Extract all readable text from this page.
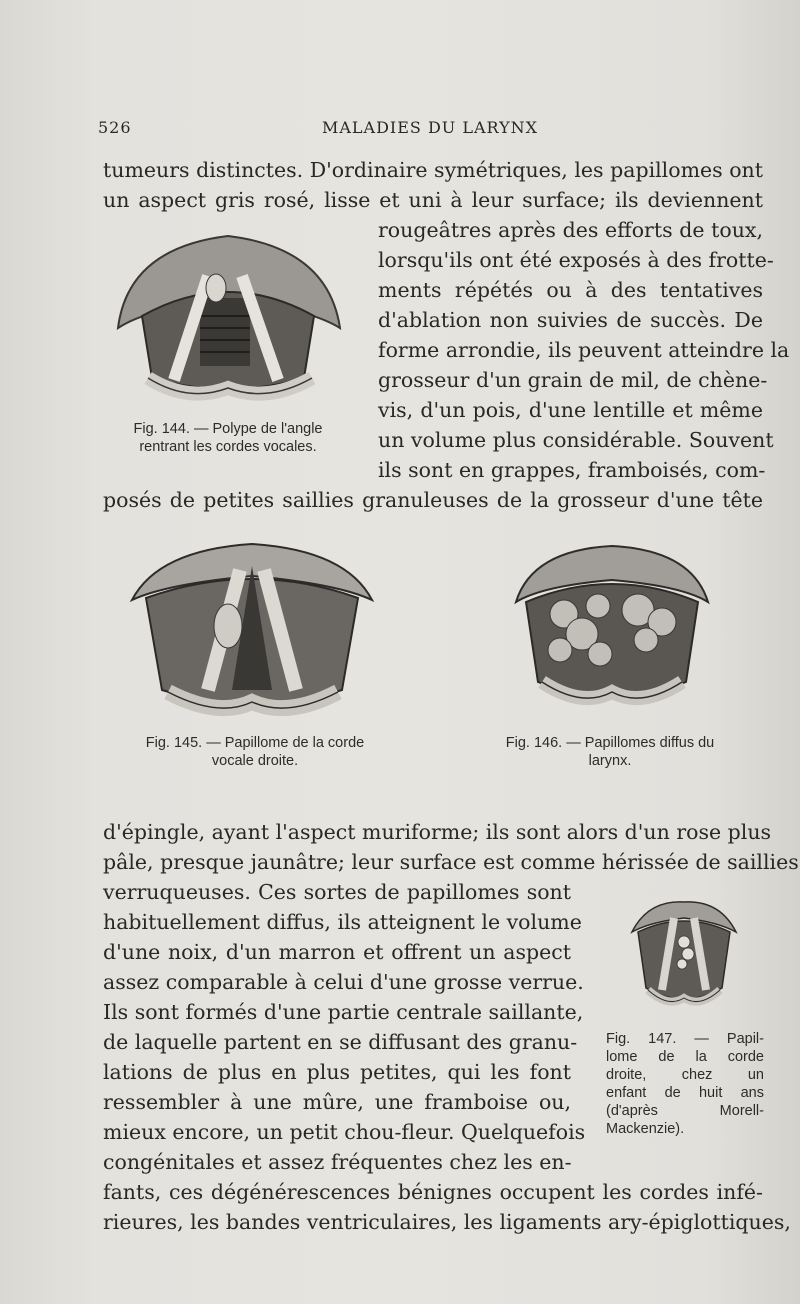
526	MALADIES DU LARYNX
tumeurs distinctes. D'ordinaire symétriques, les papillomes ont
un aspect gris rosé, lisse et uni à leur surface; ils deviennent
rougeâtres après des efforts de toux,
lorsqu'ils ont été exposés à des frotte-
ments répétés ou à des tentatives
d'ablation non suivies de succès. De
forme arrondie, ils peuvent atteindre la
grosseur d'un grain de mil, de chène-
vis, d'un pois, d'une lentille et même
un volume plus considérable. Souvent
ils sont en grappes, framboisés, com-
posés de petites saillies granuleuses de la grosseur d'une tête
Fig. 144. — Polype de l'angle
rentrant les cordes vocales.
Fig. 145. — Papillome de la corde
vocale droite.
Fig. 146. — Papillomes diffus du
larynx.
d'épingle, ayant l'aspect muriforme; ils sont alors d'un rose plus
pâle, presque jaunâtre; leur surface est comme hérissée de saillies
verruqueuses. Ces sortes de papillomes sont
habituellement diffus, ils atteignent le volume
d'une noix, d'un marron et offrent un aspect
assez comparable à celui d'une grosse verrue.
Ils sont formés d'une partie centrale saillante,
de laquelle partent en se diffusant des granu-
lations de plus en plus petites, qui les font
ressembler à une mûre, une framboise ou,
mieux encore, un petit chou-fleur. Quelquefois
congénitales et assez fréquentes chez les en-
fants, ces dégénérescences bénignes occupent les cordes infé-
rieures, les bandes ventriculaires, les ligaments ary-épiglottiques,
Fig. 147. — Papil-
lome de la corde
droite, chez un
enfant de huit ans
(d'après Morell-
Mackenzie).
